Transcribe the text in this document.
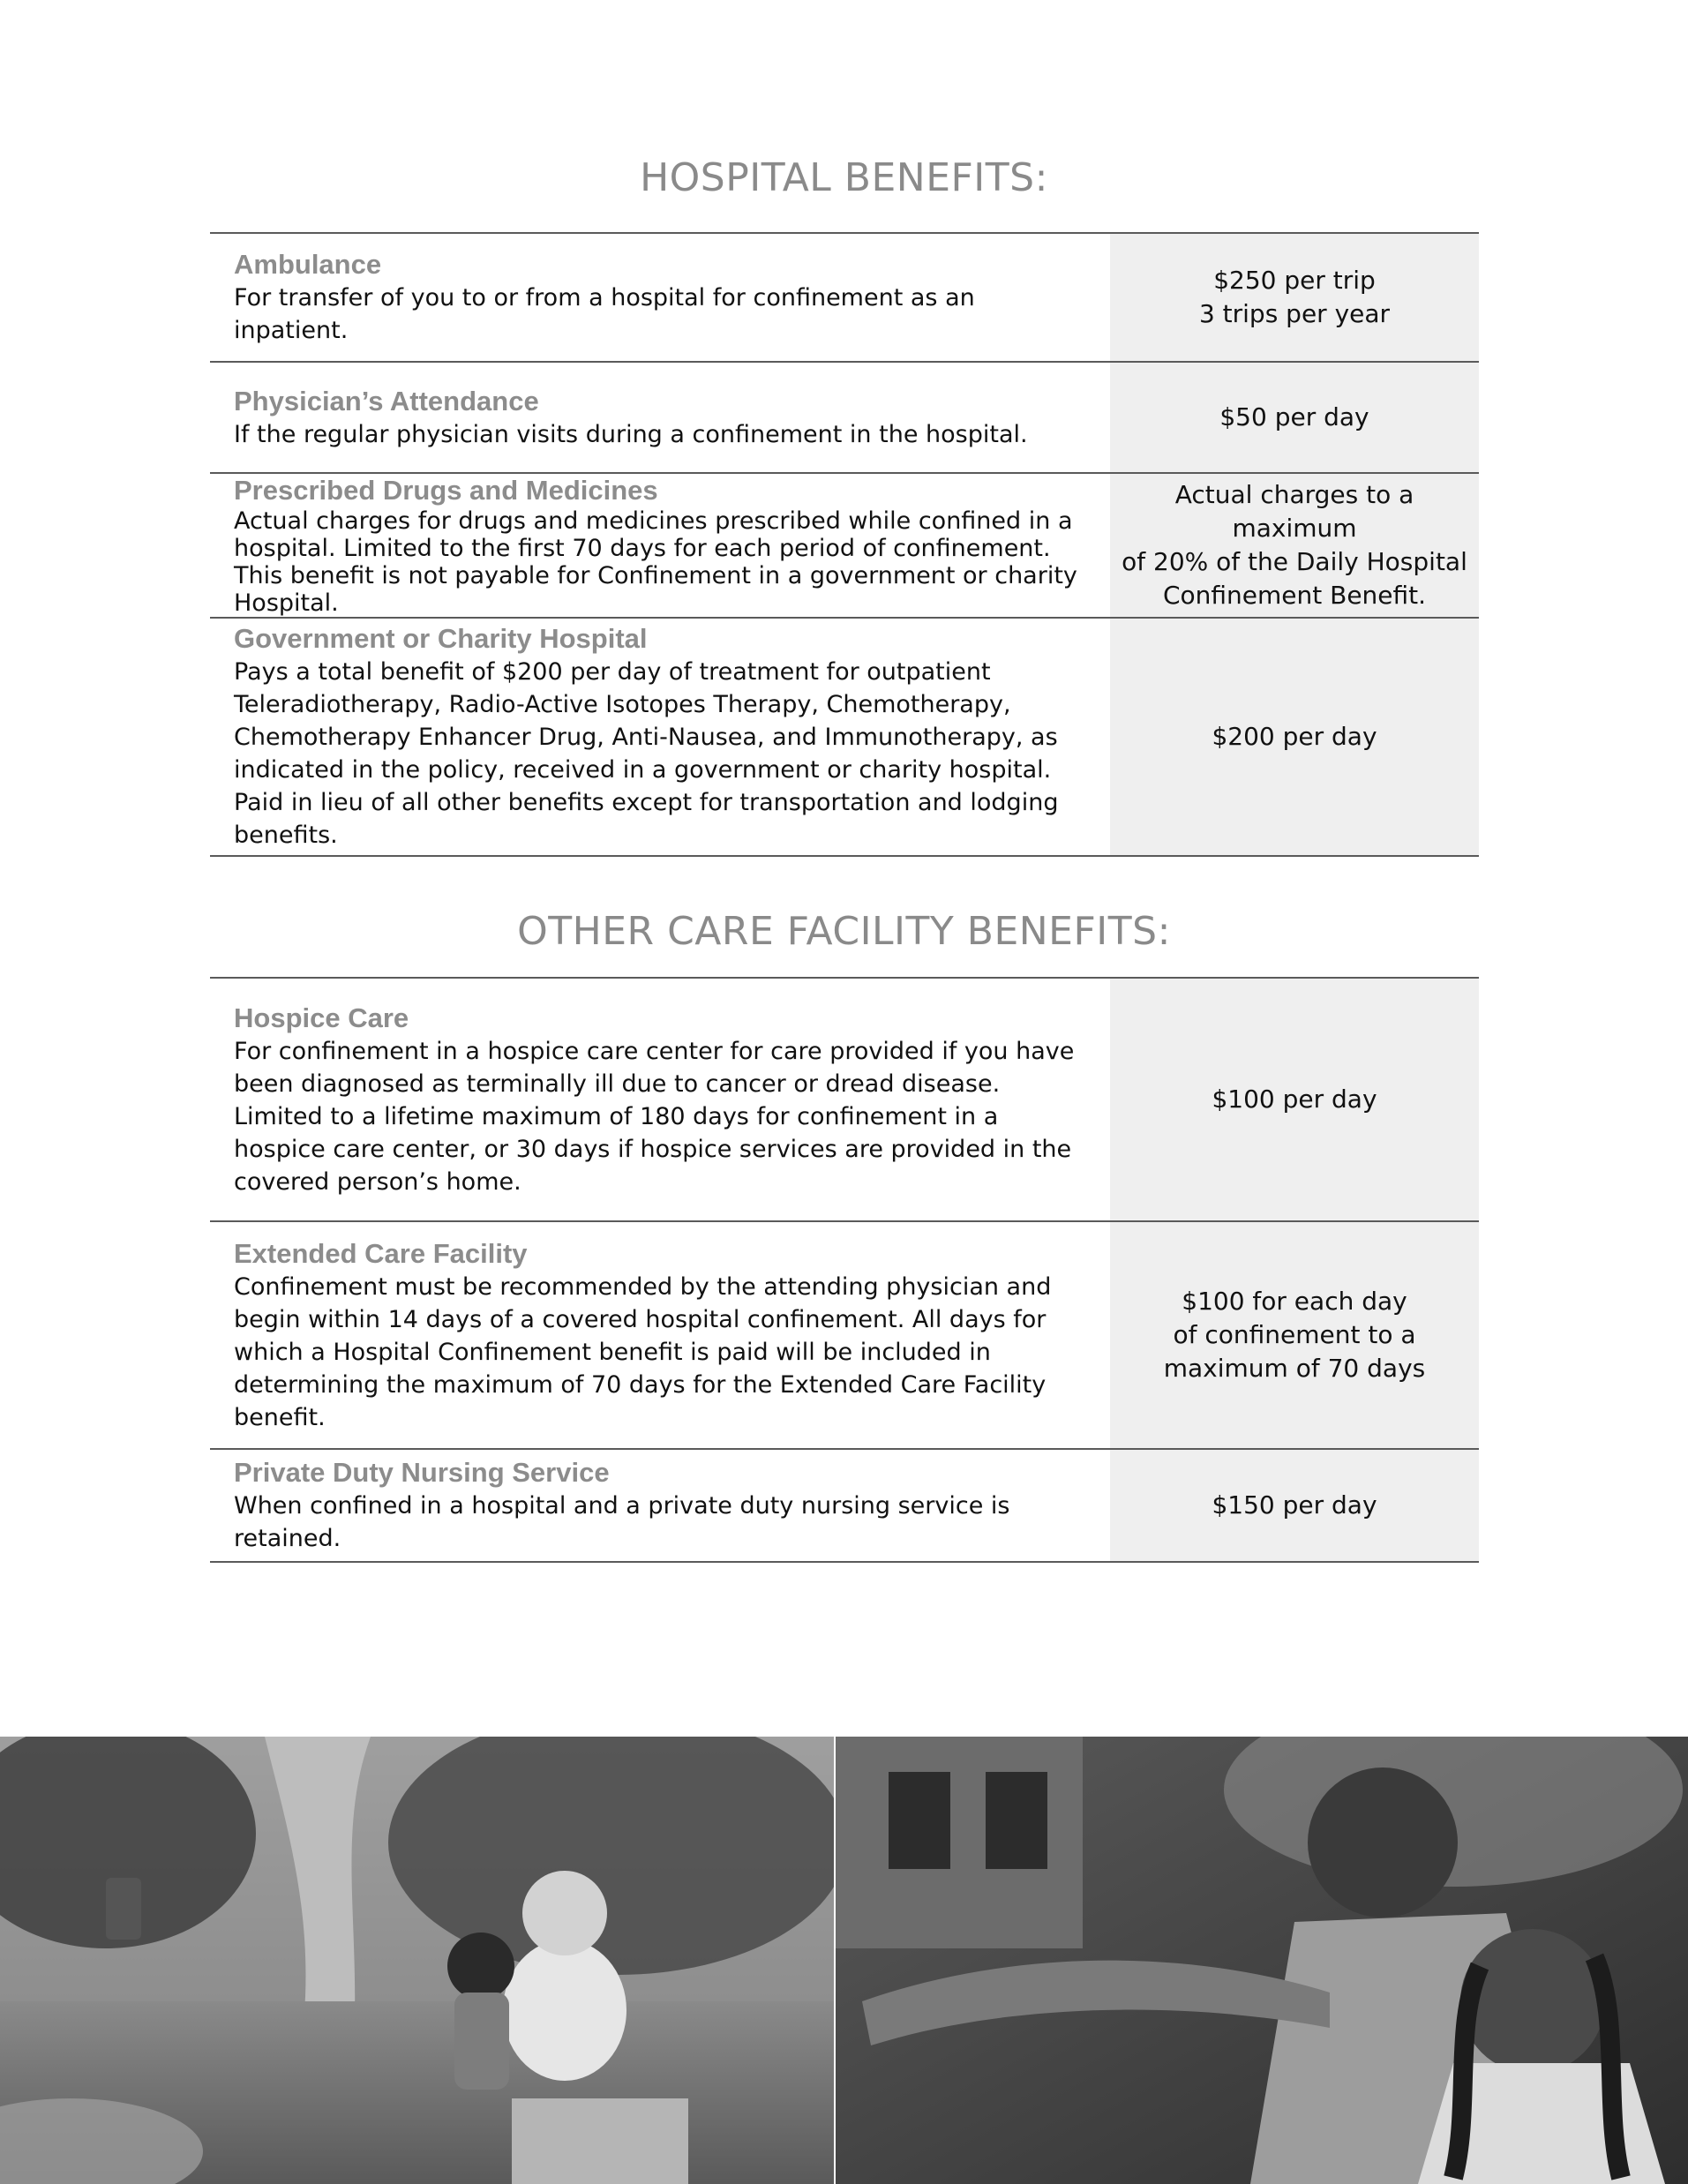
HOSPITAL BENEFITS:
Ambulance
For transfer of you to or from a hospital for confinement as an inpatient.
$250 per trip
3 trips per year
Physician’s Attendance
If the regular physician visits during a confinement in the hospital.
$50 per day
Prescribed Drugs and Medicines
Actual charges for drugs and medicines prescribed while confined in a hospital. Limited to the first 70 days for each period of confinement. This benefit is not payable for Confinement in a government or charity Hospital.
Actual charges to a maximum
of 20% of the Daily Hospital
Confinement Benefit.
Government or Charity Hospital
Pays a total benefit of $200 per day of treatment for outpatient Teleradiotherapy, Radio-Active Isotopes Therapy, Chemotherapy, Chemotherapy Enhancer Drug, Anti-Nausea, and Immunotherapy, as indicated in the policy, received in a government or charity hospital. Paid in lieu of all other benefits except for transportation and lodging benefits.
$200 per day
OTHER CARE FACILITY BENEFITS:
Hospice Care
For confinement in a hospice care center for care provided if you have been diagnosed as terminally ill due to cancer or dread disease. Limited to a lifetime maximum of 180 days for confinement in a hospice care center, or 30 days if hospice services are provided in the covered person’s home.
$100 per day
Extended Care Facility
Confinement must be recommended by the attending physician and begin within 14 days of a covered hospital confinement. All days for which a Hospital Confinement benefit is paid will be included in determining the maximum of 70 days for the Extended Care Facility benefit.
$100 for each day
of confinement to a
maximum of 70 days
Private Duty Nursing Service
When confined in a hospital and a private duty nursing service is retained.
$150 per day
